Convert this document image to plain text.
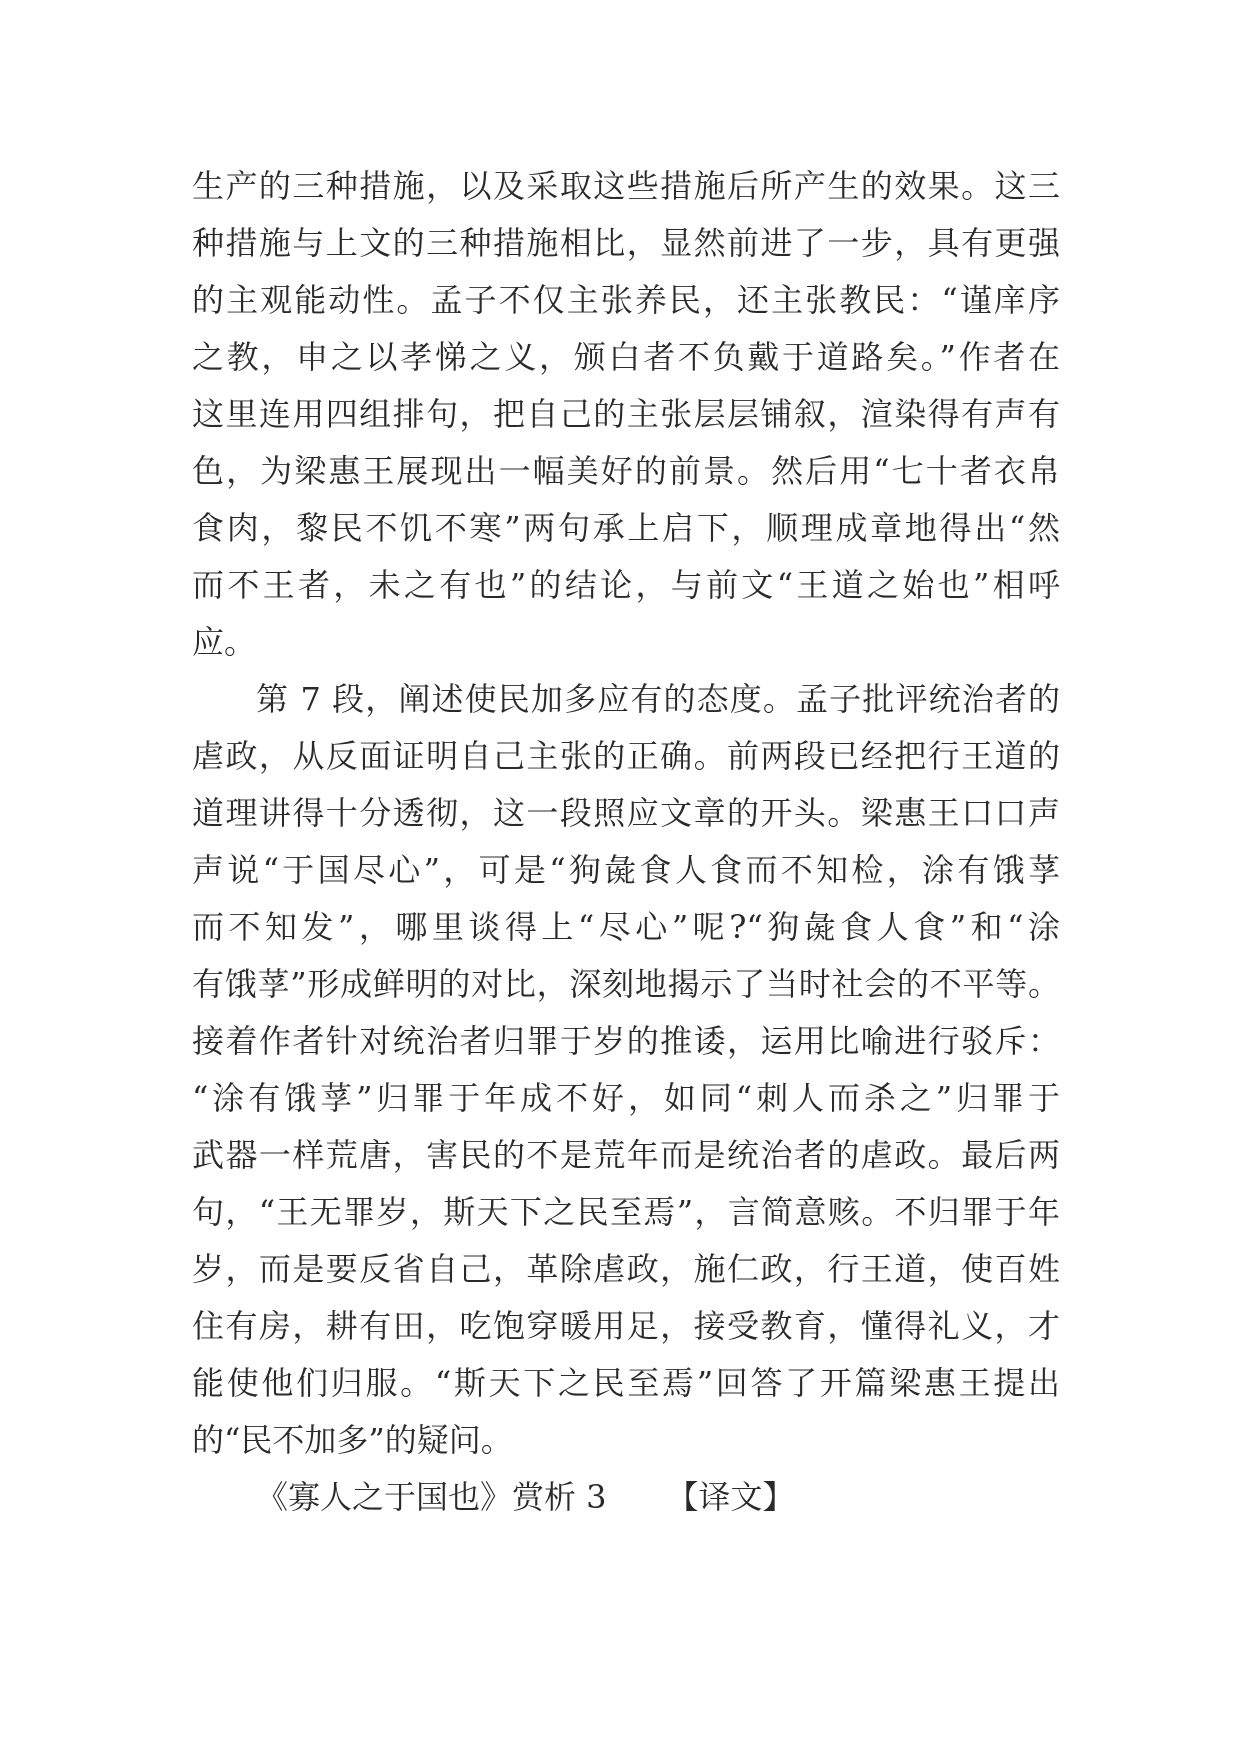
生产的三种措施，以及采取这些措施后所产生的效果。这三
种措施与上文的三种措施相比，显然前进了一步，具有更强
的主观能动性。孟子不仅主张养民，还主张教民：“谨庠序
之教，申之以孝悌之义，颁白者不负戴于道路矣。”作者在
这里连用四组排句，把自己的主张层层铺叙，渲染得有声有
色，为梁惠王展现出一幅美好的前景。然后用“七十者衣帛
食肉，黎民不饥不寒”两句承上启下，顺理成章地得出“然
而不王者，未之有也”的结论，与前文“王道之始也”相呼
应。
第 7 段，阐述使民加多应有的态度。孟子批评统治者的
虐政，从反面证明自己主张的正确。前两段已经把行王道的
道理讲得十分透彻，这一段照应文章的开头。梁惠王口口声
声说“于国尽心”，可是“狗彘食人食而不知检，涂有饿莩
而不知发”，哪里谈得上“尽心”呢?“狗彘食人食”和“涂
有饿莩”形成鲜明的对比，深刻地揭示了当时社会的不平等。
接着作者针对统治者归罪于岁的推诿，运用比喻进行驳斥：
“涂有饿莩”归罪于年成不好，如同“刺人而杀之”归罪于
武器一样荒唐，害民的不是荒年而是统治者的虐政。最后两
句，“王无罪岁，斯天下之民至焉”，言简意赅。不归罪于年
岁，而是要反省自己，革除虐政，施仁政，行王道，使百姓
住有房，耕有田，吃饱穿暖用足，接受教育，懂得礼义，才
能使他们归服。“斯天下之民至焉”回答了开篇梁惠王提出
的“民不加多”的疑问。
《寡人之于国也》赏析 3 【译文】
